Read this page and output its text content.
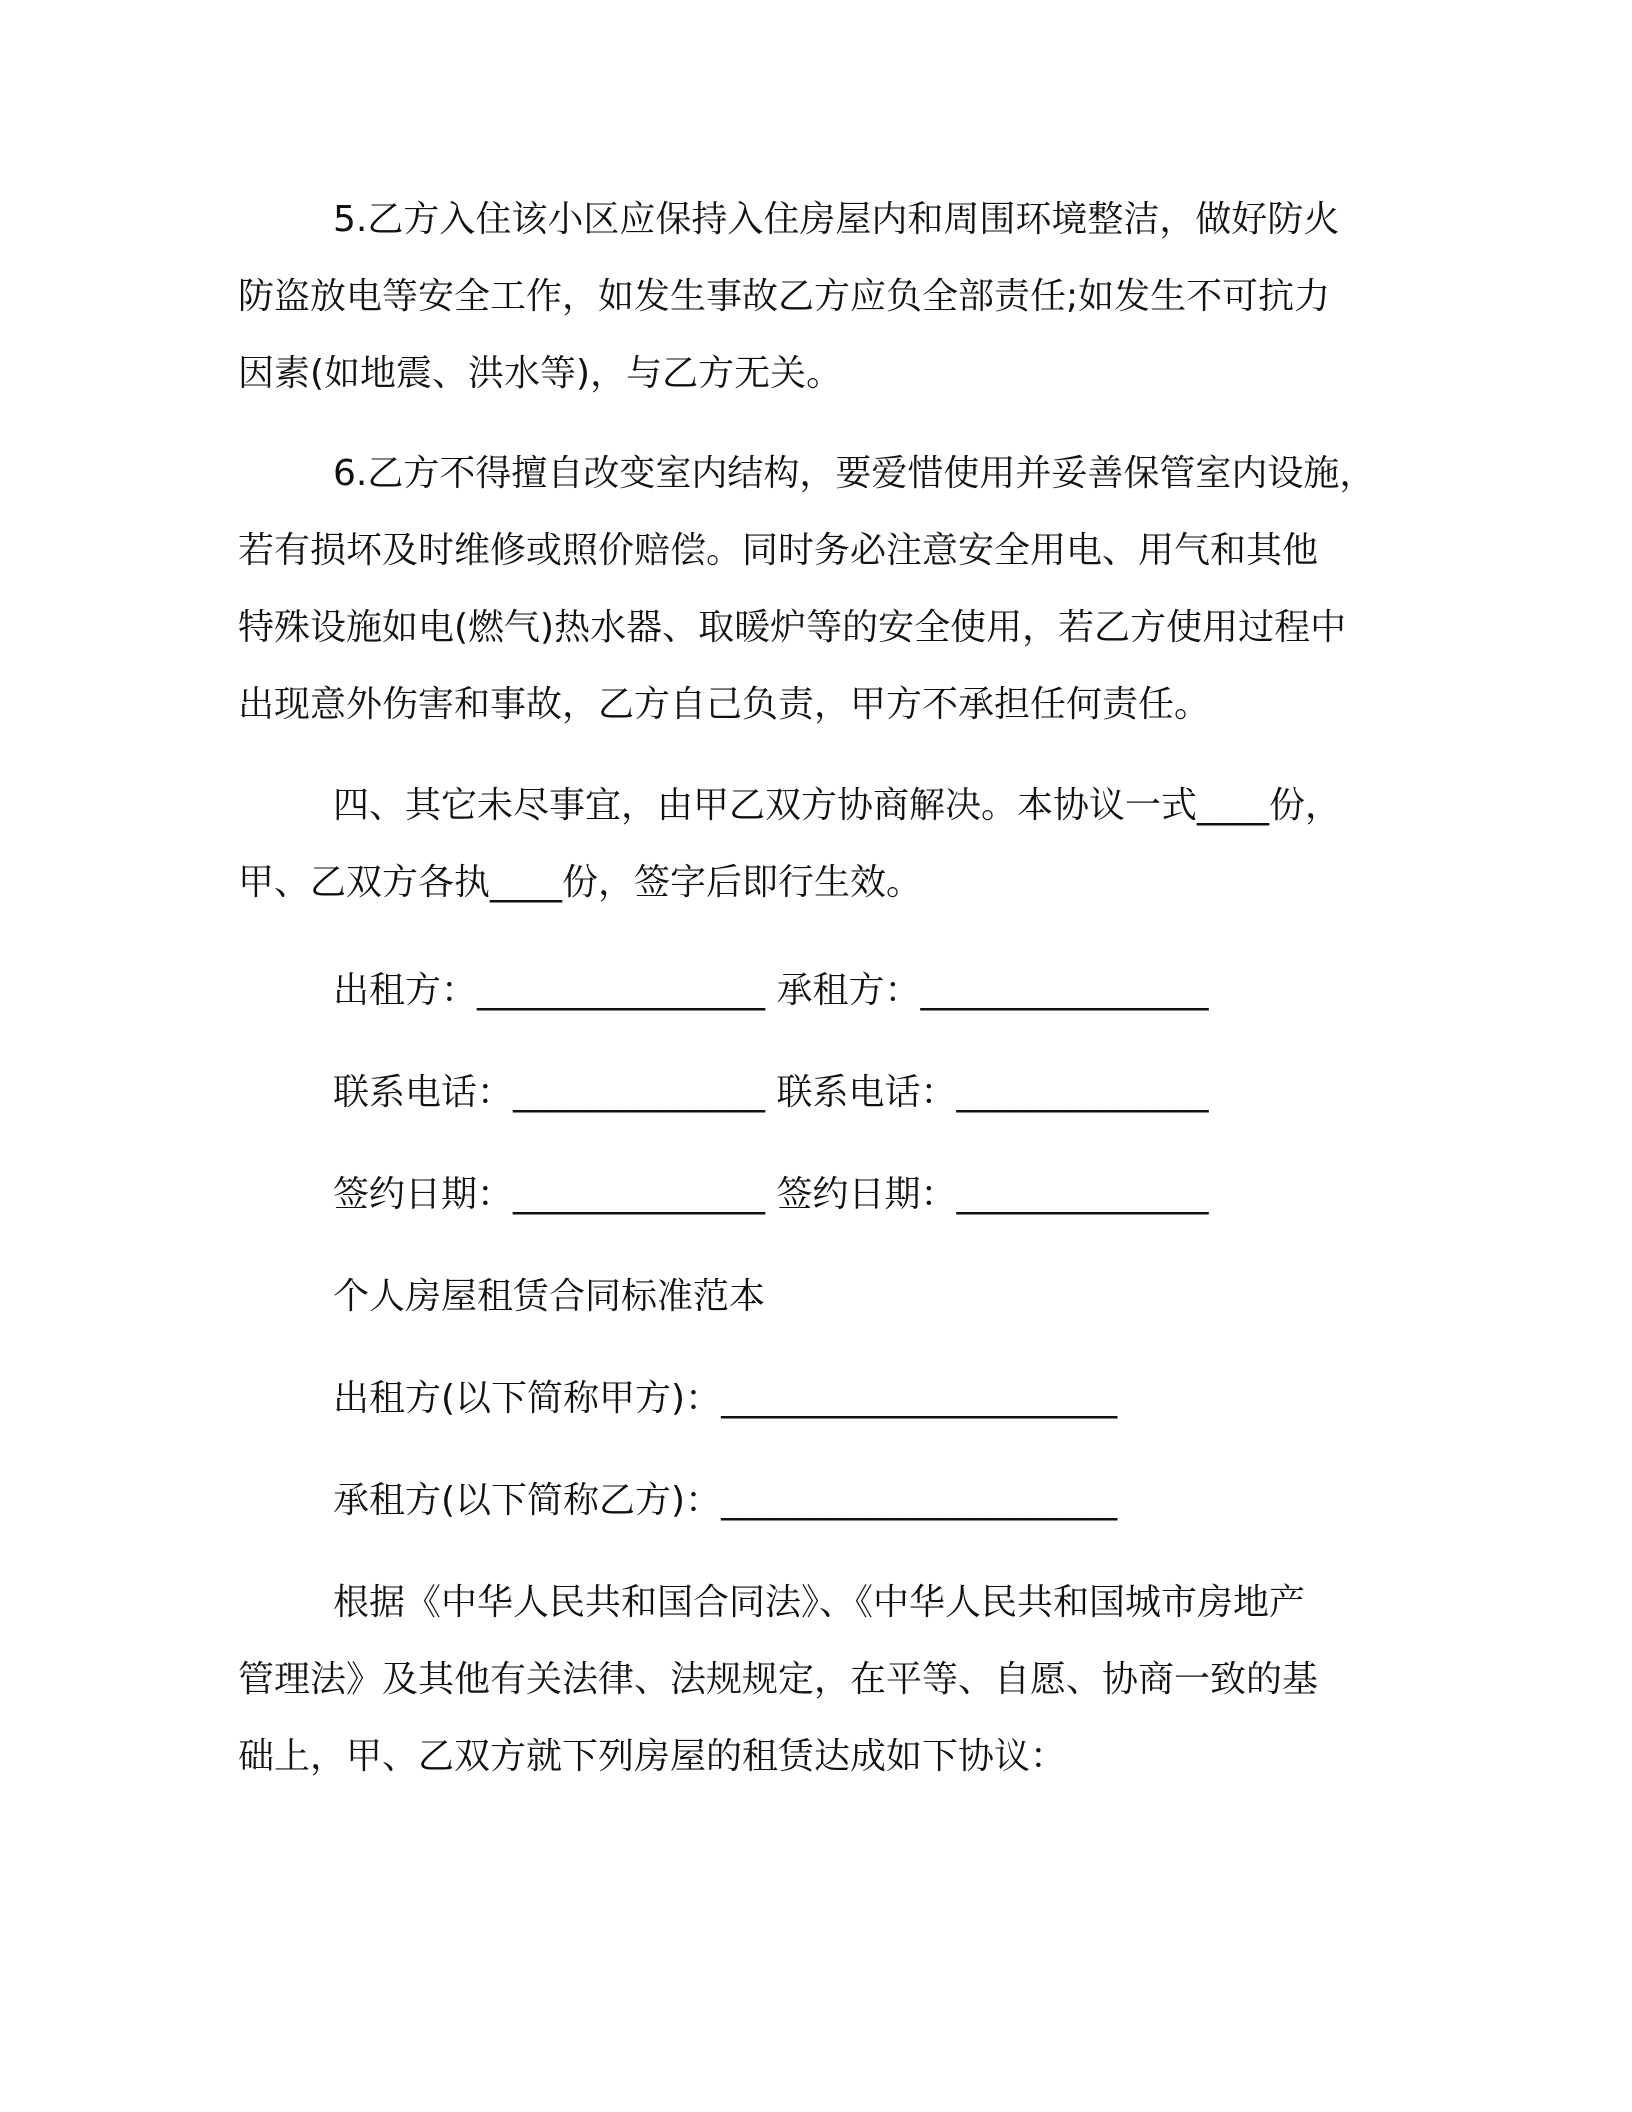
5.乙方入住该小区应保持入住房屋内和周围环境整洁，做好防火
防盗放电等安全工作，如发生事故乙方应负全部责任;如发生不可抗力
因素(如地震、洪水等)，与乙方无关。
6.乙方不得擅自改变室内结构，要爱惜使用并妥善保管室内设施，
若有损坏及时维修或照价赔偿。同时务必注意安全用电、用气和其他
特殊设施如电(燃气)热水器、取暖炉等的安全使用，若乙方使用过程中
出现意外伤害和事故，乙方自己负责，甲方不承担任何责任。
四、其它未尽事宜，由甲乙双方协商解决。本协议一式____份，
甲、乙双方各执____份，签字后即行生效。
出租方：________________ 承租方：________________
联系电话：______________ 联系电话：______________
签约日期：______________ 签约日期：______________
个人房屋租赁合同标准范本
出租方(以下简称甲方)：______________________
承租方(以下简称乙方)：______________________
根据《中华人民共和国合同法》、《中华人民共和国城市房地产
管理法》及其他有关法律、法规规定，在平等、自愿、协商一致的基
础上，甲、乙双方就下列房屋的租赁达成如下协议：
